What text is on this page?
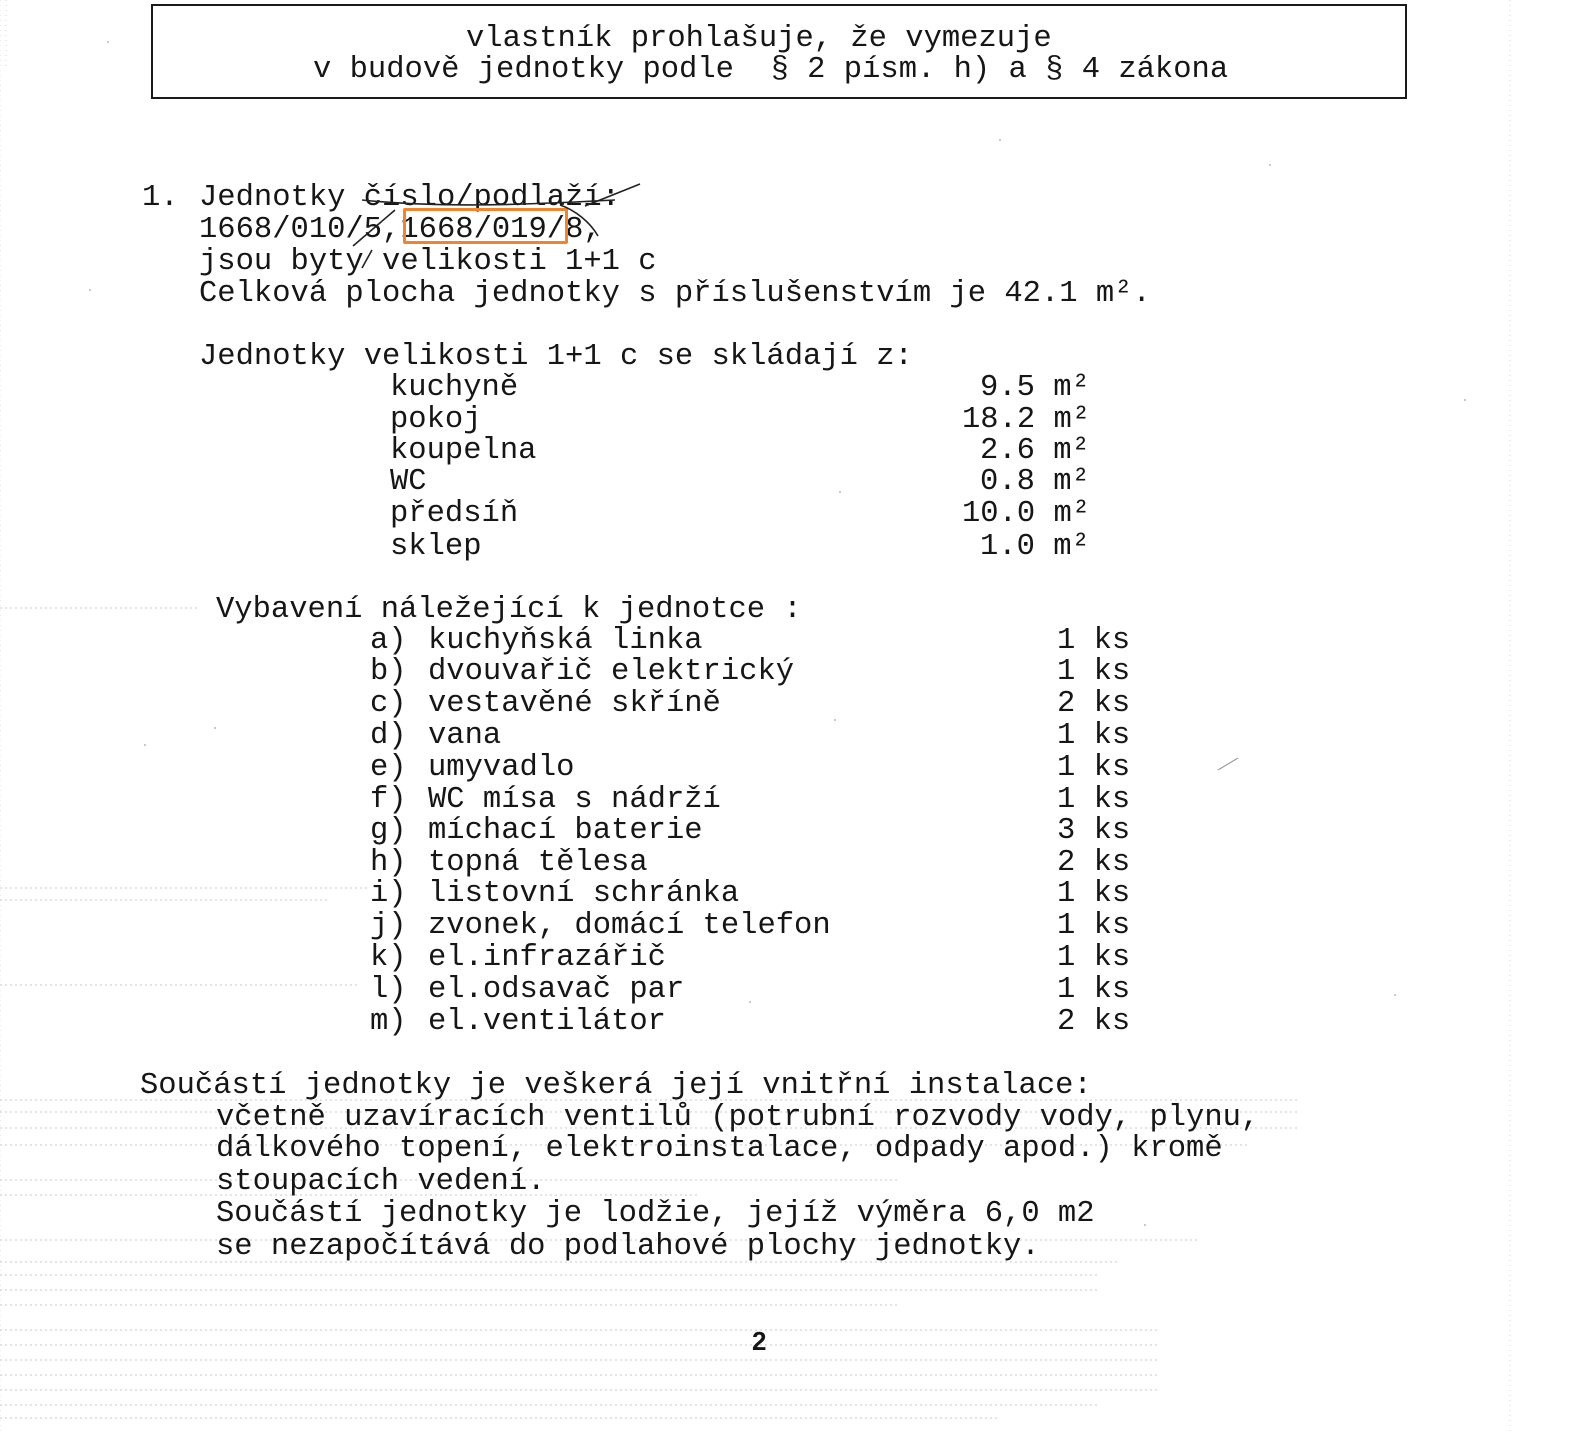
vlastník prohlašuje, že vymezuje
v budově jednotky podle  § 2 písm. h) a § 4 zákona
1. Jednotky číslo/podlaží:
1668/010/5,1668/019/8,
jsou byty velikosti 1+1 c
Celková plocha jednotky s příslušenstvím je 42.1 m².
Jednotky velikosti 1+1 c se skládají z:
kuchyně	9.5 m²
pokoj	18.2 m²
koupelna	2.6 m²
WC	0.8 m²
předsíň	10.0 m²
sklep	1.0 m²
Vybavení náležející k jednotce :
a) kuchyňská linka	1 ks
b) dvouvařič elektrický	1 ks
c) vestavěné skříně	2 ks
d) vana	1 ks
e) umyvadlo	1 ks
f) WC mísa s nádrží	1 ks
g) míchací baterie	3 ks
h) topná tělesa	2 ks
i) listovní schránka	1 ks
j) zvonek, domácí telefon	1 ks
k) el.infrazářič	1 ks
l) el.odsavač par	1 ks
m) el.ventilátor	2 ks
Součástí jednotky je veškerá její vnitřní instalace:
včetně uzavíracích ventilů (potrubní rozvody vody, plynu,
dálkového topení, elektroinstalace, odpady apod.) kromě
stoupacích vedení.
Součástí jednotky je lodžie, jejíž výměra 6,0 m2
se nezapočítává do podlahové plochy jednotky.
2
